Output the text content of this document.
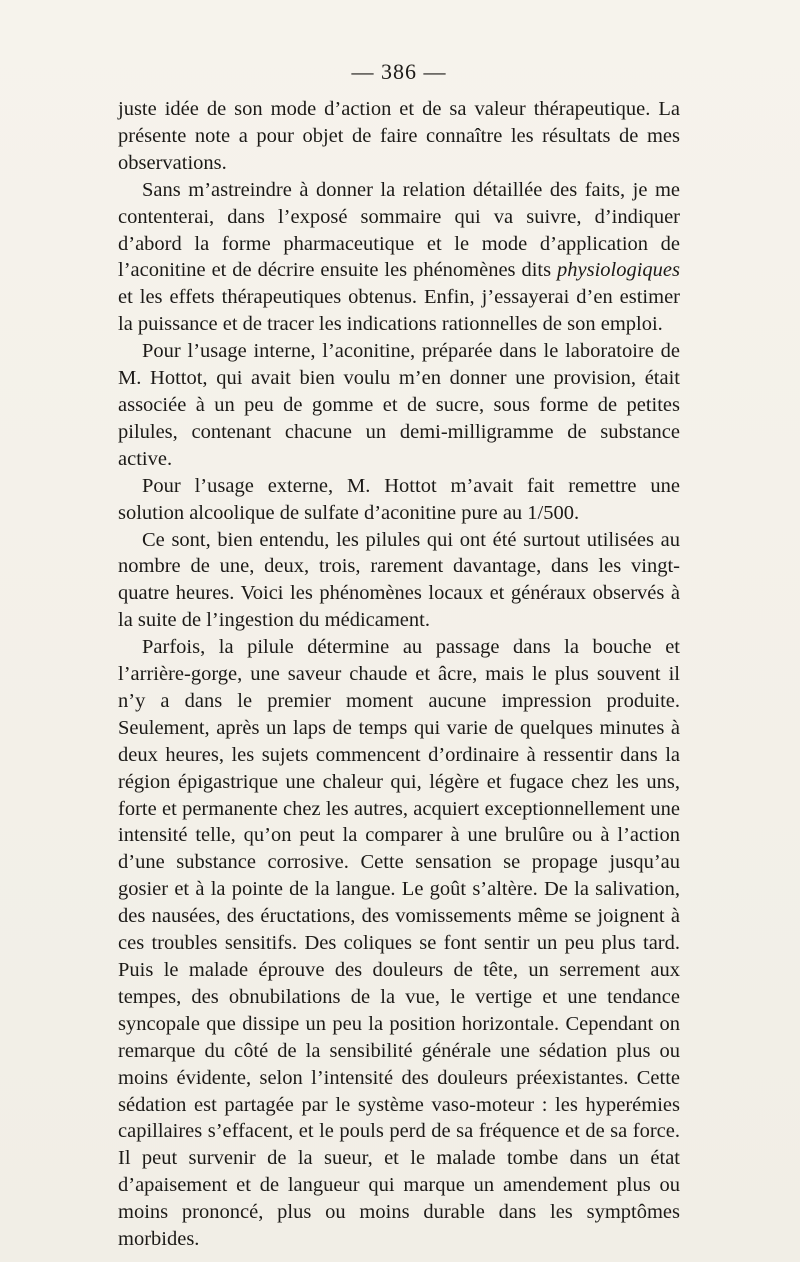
— 386 —

juste idée de son mode d’action et de sa valeur thérapeutique. La présente note a pour objet de faire connaître les résultats de mes observations.

Sans m’astreindre à donner la relation détaillée des faits, je me contenterai, dans l’exposé sommaire qui va suivre, d’indiquer d’abord la forme pharmaceutique et le mode d’application de l’aconitine et de décrire ensuite les phénomènes dits physiologiques et les effets thérapeutiques obtenus. Enfin, j’essayerai d’en estimer la puissance et de tracer les indications rationnelles de son emploi.

Pour l’usage interne, l’aconitine, préparée dans le laboratoire de M. Hottot, qui avait bien voulu m’en donner une provision, était associée à un peu de gomme et de sucre, sous forme de petites pilules, contenant chacune un demi-milligramme de substance active.

Pour l’usage externe, M. Hottot m’avait fait remettre une solution alcoolique de sulfate d’aconitine pure au 1/500.

Ce sont, bien entendu, les pilules qui ont été surtout utilisées au nombre de une, deux, trois, rarement davantage, dans les vingt-quatre heures. Voici les phénomènes locaux et généraux observés à la suite de l’ingestion du médicament.

Parfois, la pilule détermine au passage dans la bouche et l’arrière-gorge, une saveur chaude et âcre, mais le plus souvent il n’y a dans le premier moment aucune impression produite. Seulement, après un laps de temps qui varie de quelques minutes à deux heures, les sujets commencent d’ordinaire à ressentir dans la région épigastrique une chaleur qui, légère et fugace chez les uns, forte et permanente chez les autres, acquiert exceptionnellement une intensité telle, qu’on peut la comparer à une brulûre ou à l’action d’une substance corrosive. Cette sensation se propage jusqu’au gosier et à la pointe de la langue. Le goût s’altère. De la salivation, des nausées, des éructations, des vomissements même se joignent à ces troubles sensitifs. Des coliques se font sentir un peu plus tard. Puis le malade éprouve des douleurs de tête, un serrement aux tempes, des obnubilations de la vue, le vertige et une tendance syncopale que dissipe un peu la position horizontale. Cependant on remarque du côté de la sensibilité générale une sédation plus ou moins évidente, selon l’intensité des douleurs préexistantes. Cette sédation est partagée par le système vaso-moteur : les hyperémies capillaires s’effacent, et le pouls perd de sa fréquence et de sa force. Il peut survenir de la sueur, et le malade tombe dans un état d’apaisement et de langueur qui marque un amendement plus ou moins prononcé, plus ou moins durable dans les symptômes morbides.
